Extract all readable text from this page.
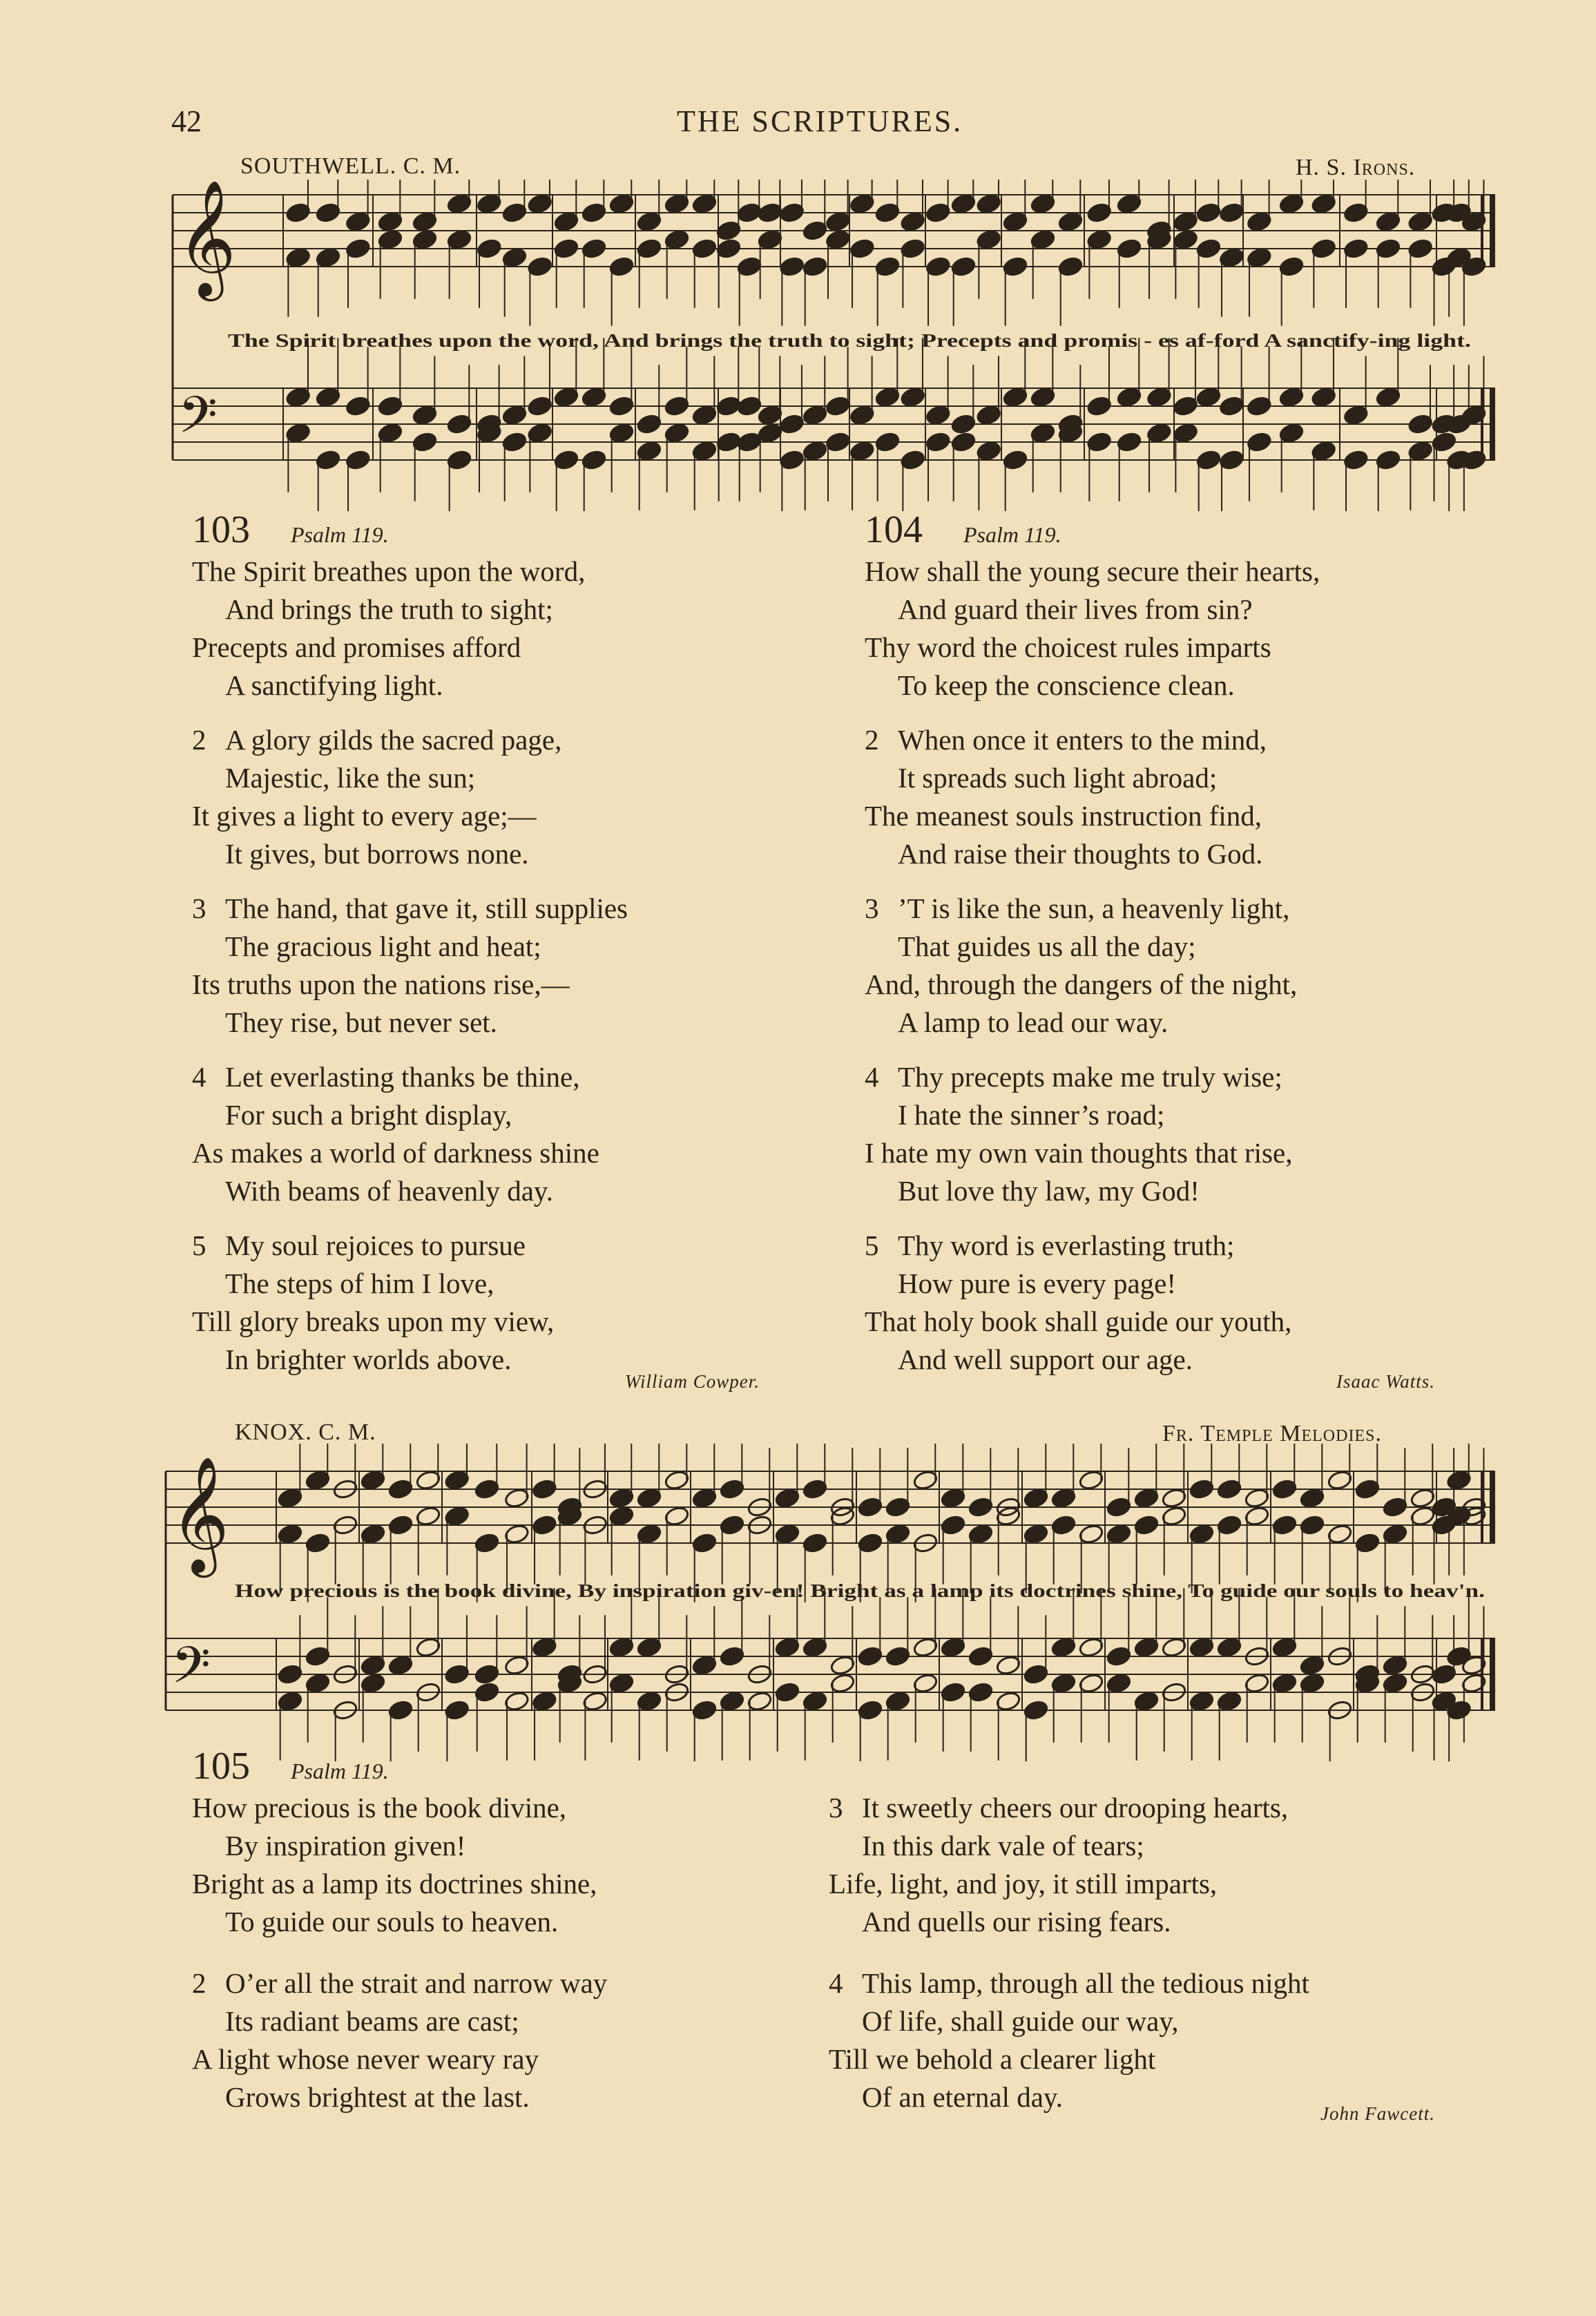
42	THE SCRIPTURES.
SOUTHWELL. C. M.	H. S. Irons.
The Spirit breathes upon the word, And brings the truth to sight; Precepts and promis - es af-ford A sanctify-ing light.
𝄞
𝄢
103 Psalm 119.
The Spirit breathes upon the word,
And brings the truth to sight;
Precepts and promises afford
A sanctifying light.
2 A glory gilds the sacred page,
Majestic, like the sun;
It gives a light to every age;—
It gives, but borrows none.
3 The hand, that gave it, still supplies
The gracious light and heat;
Its truths upon the nations rise,—
They rise, but never set.
4 Let everlasting thanks be thine,
For such a bright display,
As makes a world of darkness shine
With beams of heavenly day.
5 My soul rejoices to pursue
The steps of him I love,
Till glory breaks upon my view,
In brighter worlds above.
William Cowper.
104 Psalm 119.
How shall the young secure their hearts,
And guard their lives from sin?
Thy word the choicest rules imparts
To keep the conscience clean.
2 When once it enters to the mind,
It spreads such light abroad;
The meanest souls instruction find,
And raise their thoughts to God.
3 ’T is like the sun, a heavenly light,
That guides us all the day;
And, through the dangers of the night,
A lamp to lead our way.
4 Thy precepts make me truly wise;
I hate the sinner’s road;
I hate my own vain thoughts that rise,
But love thy law, my God!
5 Thy word is everlasting truth;
How pure is every page!
That holy book shall guide our youth,
And well support our age.
Isaac Watts.
KNOX. C. M.	Fr. Temple Melodies.
How precious is the book divine, By inspiration giv-en! Bright as a lamp its doctrines shine, To guide our souls to heav'n.
𝄞
𝄢
105 Psalm 119.
How precious is the book divine,
By inspiration given!
Bright as a lamp its doctrines shine,
To guide our souls to heaven.
2 O’er all the strait and narrow way
Its radiant beams are cast;
A light whose never weary ray
Grows brightest at the last.
3 It sweetly cheers our drooping hearts,
In this dark vale of tears;
Life, light, and joy, it still imparts,
And quells our rising fears.
4 This lamp, through all the tedious night
Of life, shall guide our way,
Till we behold a clearer light
Of an eternal day.
John Fawcett.
